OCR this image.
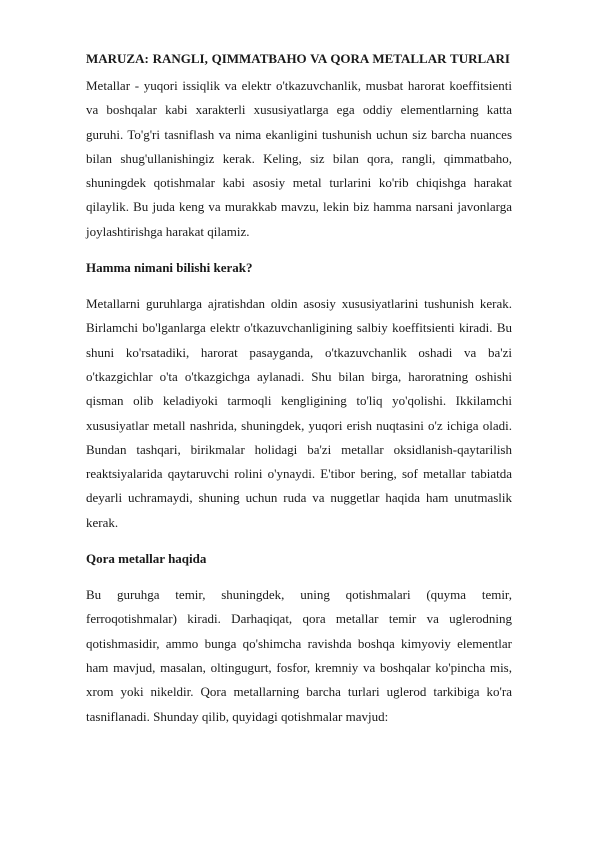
MARUZA: RANGLI, QIMMATBAHO VA QORA METALLAR TURLARI

Metallar - yuqori issiqlik va elektr o'tkazuvchanlik, musbat harorat koeffitsienti va boshqalar kabi xarakterli xususiyatlarga ega oddiy elementlarning katta guruhi. To'g'ri tasniflash va nima ekanligini tushunish uchun siz barcha nuances bilan shug'ullanishingiz kerak. Keling, siz bilan qora, rangli, qimmatbaho, shuningdek qotishmalar kabi asosiy metal turlarini ko'rib chiqishga harakat qilaylik. Bu juda keng va murakkab mavzu, lekin biz hamma narsani javonlarga joylashtirishga harakat qilamiz.

Hamma nimani bilishi kerak?

Metallarni guruhlarga ajratishdan oldin asosiy xususiyatlarini tushunish kerak. Birlamchi bo'lganlarga elektr o'tkazuvchanligining salbiy koeffitsienti kiradi. Bu shuni ko'rsatadiki, harorat pasayganda, o'tkazuvchanlik oshadi va ba'zi o'tkazgichlar o'ta o'tkazgichga aylanadi. Shu bilan birga, haroratning oshishi qisman olib keladiyoki tarmoqli kengligining to'liq yo'qolishi. Ikkilamchi xususiyatlar metall nashrida, shuningdek, yuqori erish nuqtasini o'z ichiga oladi. Bundan tashqari, birikmalar holidagi ba'zi metallar oksidlanish-qaytarilish reaktsiyalarida qaytaruvchi rolini o'ynaydi. E'tibor bering, sof metallar tabiatda deyarli uchramaydi, shuning uchun ruda va nuggetlar haqida ham unutmaslik kerak.

Qora metallar haqida

Bu guruhga temir, shuningdek, uning qotishmalari (quyma temir, ferroqotishmalar) kiradi. Darhaqiqat, qora metallar temir va uglerodning qotishmasidir, ammo bunga qo'shimcha ravishda boshqa kimyoviy elementlar ham mavjud, masalan, oltingugurt, fosfor, kremniy va boshqalar ko'pincha mis, xrom yoki nikeldir. Qora metallarning barcha turlari uglerod tarkibiga ko'ra tasniflanadi. Shunday qilib, quyidagi qotishmalar mavjud:
